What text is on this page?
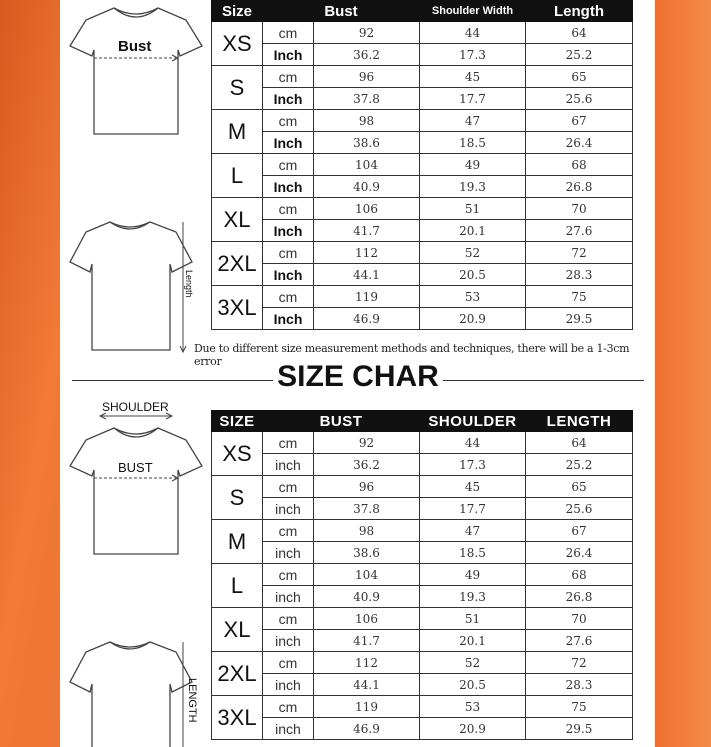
Bust
Length
Size	Bust		Shoulder Width	Length
XS	cm	92	44	64
	Inch	36.2	17.3	25.2
S	cm	96	45	65
	Inch	37.8	17.7	25.6
M	cm	98	47	67
	Inch	38.6	18.5	26.4
L	cm	104	49	68
	Inch	40.9	19.3	26.8
XL	cm	106	51	70
	Inch	41.7	20.1	27.6
2XL	cm	112	52	72
	Inch	44.1	20.5	28.3
3XL	cm	119	53	75
	Inch	46.9	20.9	29.5
Due to different size measurement methods and techniques, there will be a 1-3cm error	SIZE CHAR
SHOULDER
BUST
LENGTH
SIZE	BUST		SHOULDER	LENGTH
XS	cm	92	44	64
	inch	36.2	17.3	25.2
S	cm	96	45	65
	inch	37.8	17.7	25.6
M	cm	98	47	67
	inch	38.6	18.5	26.4
L	cm	104	49	68
	inch	40.9	19.3	26.8
XL	cm	106	51	70
	inch	41.7	20.1	27.6
2XL	cm	112	52	72
	inch	44.1	20.5	28.3
3XL	cm	119	53	75
	inch	46.9	20.9	29.5
